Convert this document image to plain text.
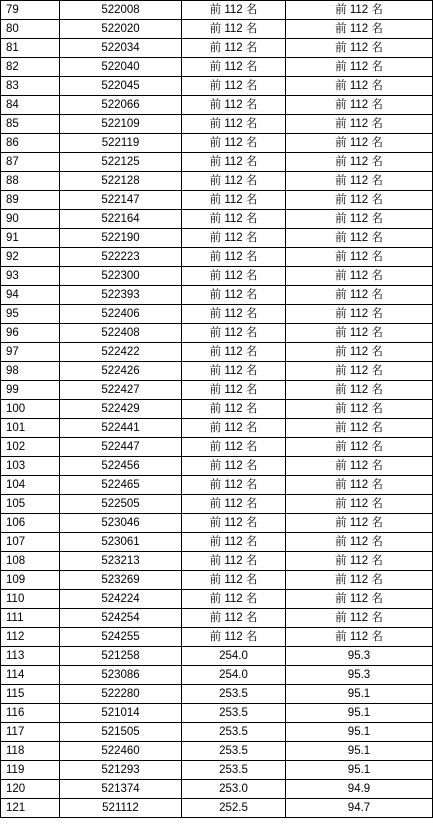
79	522008	前 112 名	前 112 名
80	522020	前 112 名	前 112 名
81	522034	前 112 名	前 112 名
82	522040	前 112 名	前 112 名
83	522045	前 112 名	前 112 名
84	522066	前 112 名	前 112 名
85	522109	前 112 名	前 112 名
86	522119	前 112 名	前 112 名
87	522125	前 112 名	前 112 名
88	522128	前 112 名	前 112 名
89	522147	前 112 名	前 112 名
90	522164	前 112 名	前 112 名
91	522190	前 112 名	前 112 名
92	522223	前 112 名	前 112 名
93	522300	前 112 名	前 112 名
94	522393	前 112 名	前 112 名
95	522406	前 112 名	前 112 名
96	522408	前 112 名	前 112 名
97	522422	前 112 名	前 112 名
98	522426	前 112 名	前 112 名
99	522427	前 112 名	前 112 名
100	522429	前 112 名	前 112 名
101	522441	前 112 名	前 112 名
102	522447	前 112 名	前 112 名
103	522456	前 112 名	前 112 名
104	522465	前 112 名	前 112 名
105	522505	前 112 名	前 112 名
106	523046	前 112 名	前 112 名
107	523061	前 112 名	前 112 名
108	523213	前 112 名	前 112 名
109	523269	前 112 名	前 112 名
110	524224	前 112 名	前 112 名
111	524254	前 112 名	前 112 名
112	524255	前 112 名	前 112 名
113	521258	254.0	95.3
114	523086	254.0	95.3
115	522280	253.5	95.1
116	521014	253.5	95.1
117	521505	253.5	95.1
118	522460	253.5	95.1
119	521293	253.5	95.1
120	521374	253.0	94.9
121	521112	252.5	94.7
